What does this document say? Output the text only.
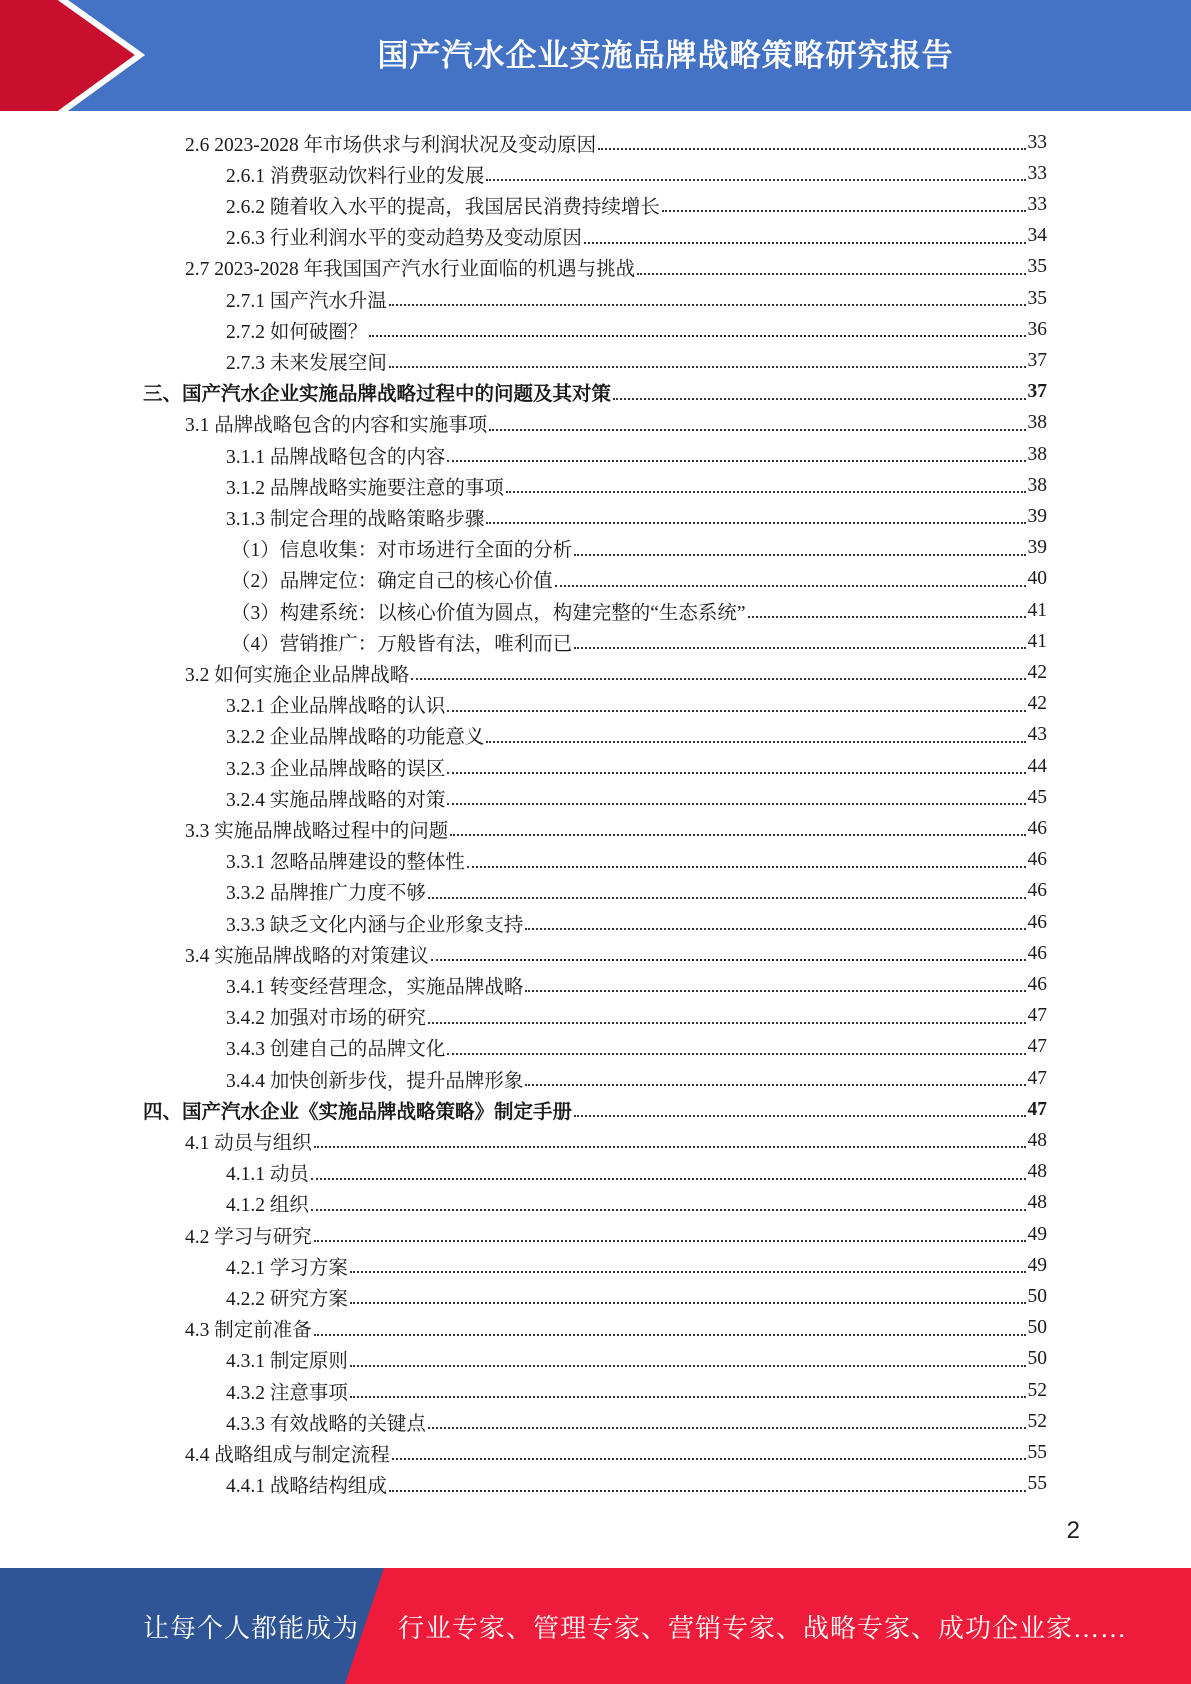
国产汽水企业实施品牌战略策略研究报告
2.6 2023-2028 年市场供求与利润状况及变动原因	33
2.6.1 消费驱动饮料行业的发展	33
2.6.2 随着收入水平的提高，我国居民消费持续增长	33
2.6.3 行业利润水平的变动趋势及变动原因	34
2.7 2023-2028 年我国国产汽水行业面临的机遇与挑战	35
2.7.1 国产汽水升温	35
2.7.2 如何破圈？	36
2.7.3 未来发展空间	37
三、国产汽水企业实施品牌战略过程中的问题及其对策	37
3.1 品牌战略包含的内容和实施事项	38
3.1.1 品牌战略包含的内容	38
3.1.2 品牌战略实施要注意的事项	38
3.1.3 制定合理的战略策略步骤	39
（1）信息收集：对市场进行全面的分析	39
（2）品牌定位：确定自己的核心价值	40
（3）构建系统：以核心价值为圆点，构建完整的“生态系统”	41
（4）营销推广：万般皆有法，唯利而已	41
3.2 如何实施企业品牌战略	42
3.2.1 企业品牌战略的认识	42
3.2.2 企业品牌战略的功能意义	43
3.2.3 企业品牌战略的误区	44
3.2.4 实施品牌战略的对策	45
3.3 实施品牌战略过程中的问题	46
3.3.1 忽略品牌建设的整体性	46
3.3.2 品牌推广力度不够	46
3.3.3 缺乏文化内涵与企业形象支持	46
3.4 实施品牌战略的对策建议	46
3.4.1 转变经营理念，实施品牌战略	46
3.4.2 加强对市场的研究	47
3.4.3 创建自己的品牌文化	47
3.4.4 加快创新步伐，提升品牌形象	47
四、国产汽水企业《实施品牌战略策略》制定手册	47
4.1 动员与组织	48
4.1.1 动员	48
4.1.2 组织	48
4.2 学习与研究	49
4.2.1 学习方案	49
4.2.2 研究方案	50
4.3 制定前准备	50
4.3.1 制定原则	50
4.3.2 注意事项	52
4.3.3 有效战略的关键点	52
4.4 战略组成与制定流程	55
4.4.1 战略结构组成	55
2
让每个人都能成为 行业专家、管理专家、营销专家、战略专家、成功企业家……
